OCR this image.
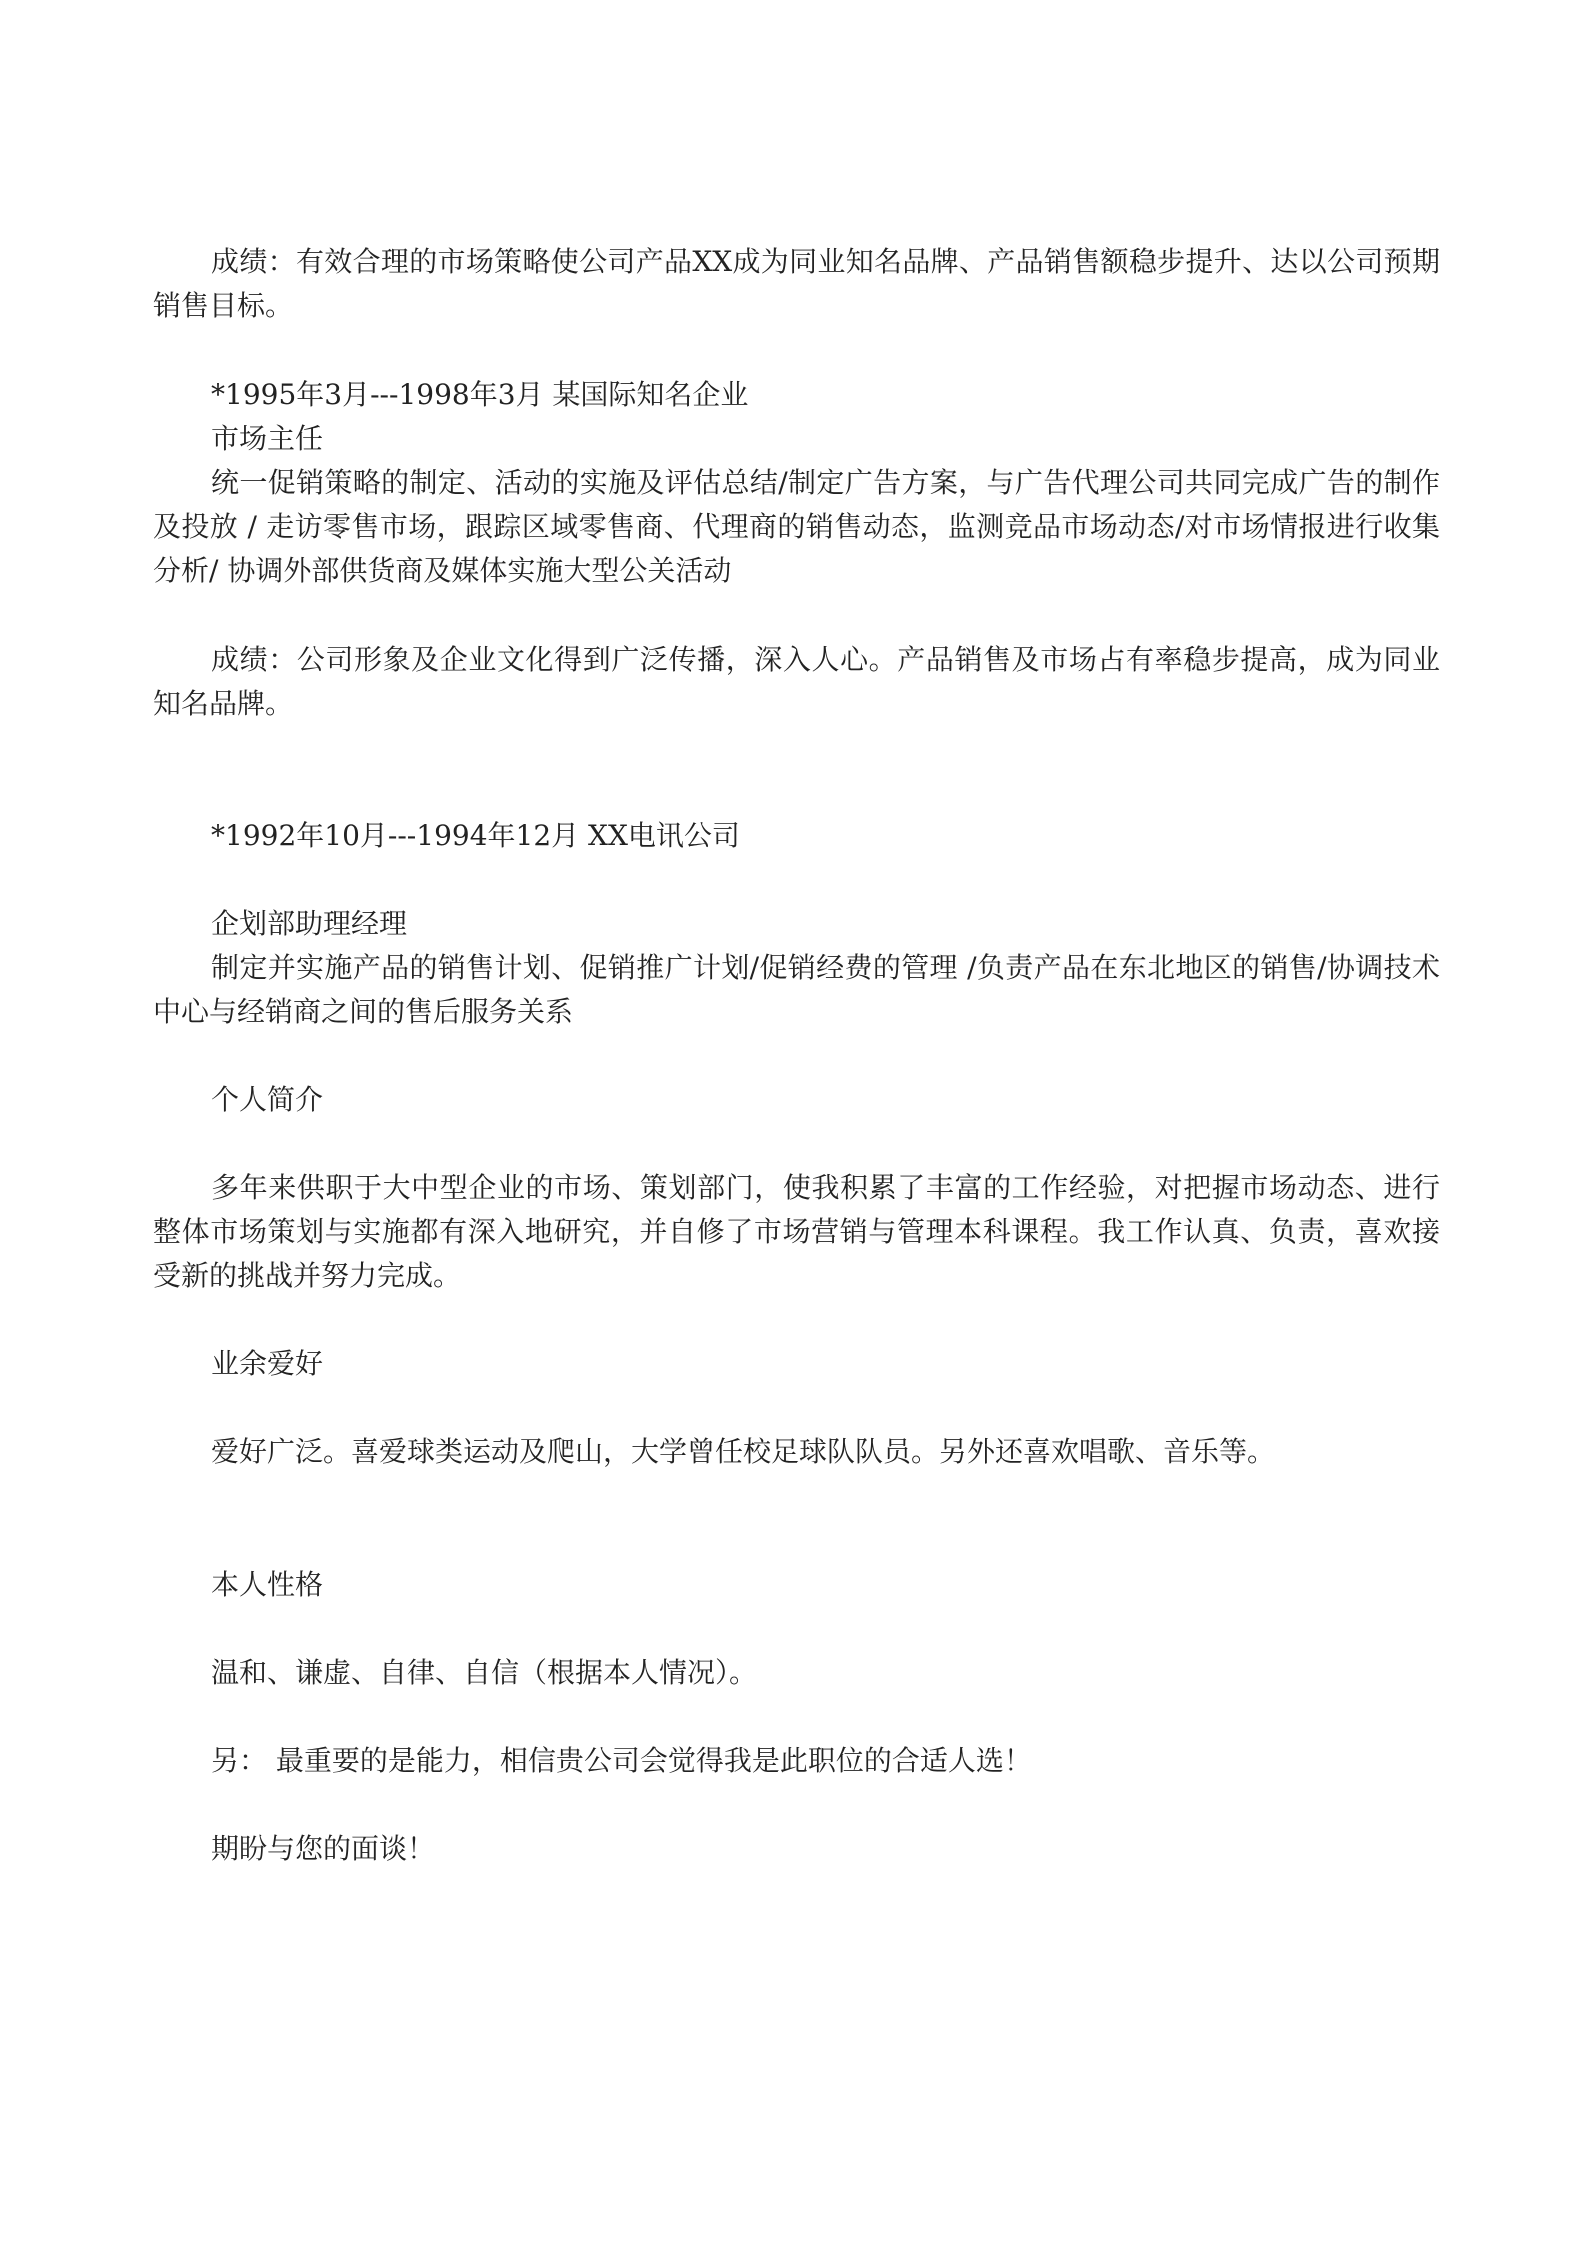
成绩：有效合理的市场策略使公司产品XX成为同业知名品牌、产品销售额稳步提升、达以公司预期销售目标。

*1995年3月---1998年3月 某国际知名企业

市场主任

统一促销策略的制定、活动的实施及评估总结/制定广告方案，与广告代理公司共同完成广告的制作及投放 / 走访零售市场，跟踪区域零售商、代理商的销售动态，监测竞品市场动态/对市场情报进行收集分析/ 协调外部供货商及媒体实施大型公关活动

成绩：公司形象及企业文化得到广泛传播，深入人心。产品销售及市场占有率稳步提高，成为同业知名品牌。

*1992年10月---1994年12月 XX电讯公司

企划部助理经理

制定并实施产品的销售计划、促销推广计划/促销经费的管理 /负责产品在东北地区的销售/协调技术中心与经销商之间的售后服务关系

个人简介

多年来供职于大中型企业的市场、策划部门，使我积累了丰富的工作经验，对把握市场动态、进行整体市场策划与实施都有深入地研究，并自修了市场营销与管理本科课程。我工作认真、负责，喜欢接受新的挑战并努力完成。

业余爱好

爱好广泛。喜爱球类运动及爬山，大学曾任校足球队队员。另外还喜欢唱歌、音乐等。

本人性格

温和、谦虚、自律、自信（根据本人情况）。

另： 最重要的是能力，相信贵公司会觉得我是此职位的合适人选！

期盼与您的面谈！
